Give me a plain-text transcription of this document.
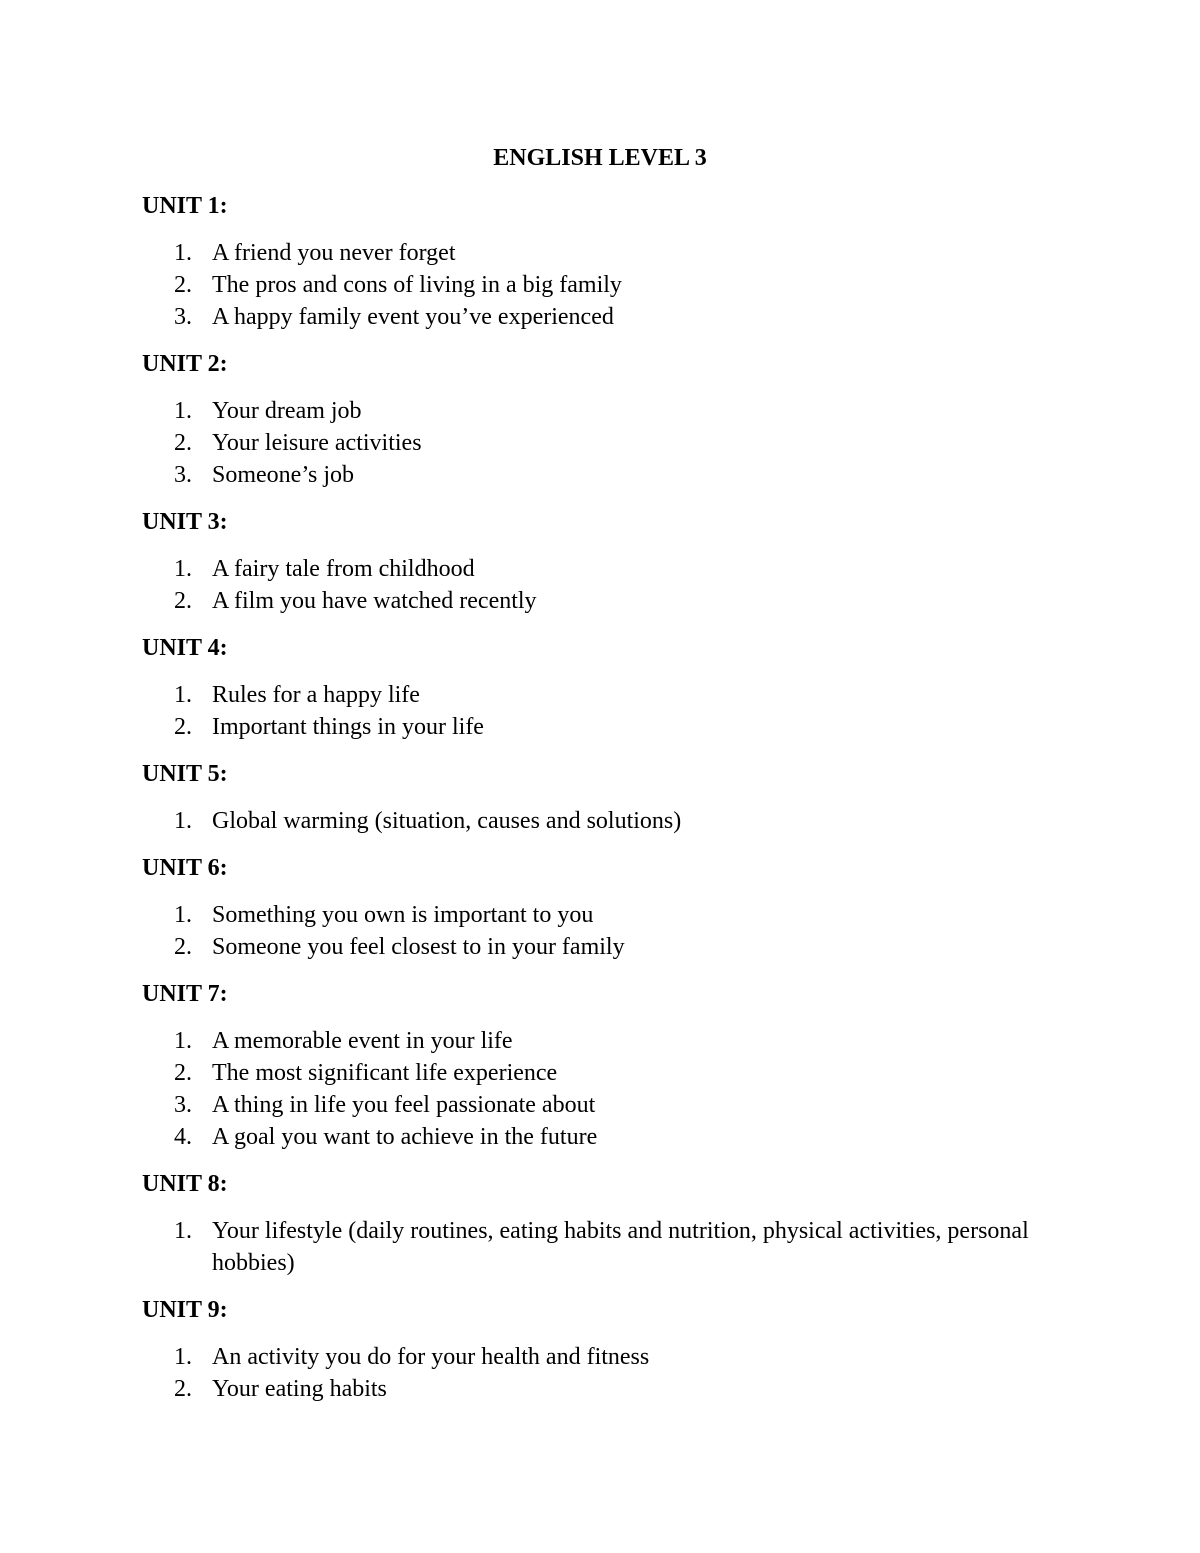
ENGLISH LEVEL 3
UNIT 1:
1. A friend you never forget
2. The pros and cons of living in a big family
3. A happy family event you’ve experienced
UNIT 2:
1. Your dream job
2. Your leisure activities
3. Someone’s job
UNIT 3:
1. A fairy tale from childhood
2. A film you have watched recently
UNIT 4:
1. Rules for a happy life
2. Important things in your life
UNIT 5:
1. Global warming (situation, causes and solutions)
UNIT 6:
1. Something you own is important to you
2. Someone you feel closest to in your family
UNIT 7:
1. A memorable event in your life
2. The most significant life experience
3. A thing in life you feel passionate about
4. A goal you want to achieve in the future
UNIT 8:
1. Your lifestyle (daily routines, eating habits and nutrition, physical activities, personal hobbies)
UNIT 9:
1. An activity you do for your health and fitness
2. Your eating habits
